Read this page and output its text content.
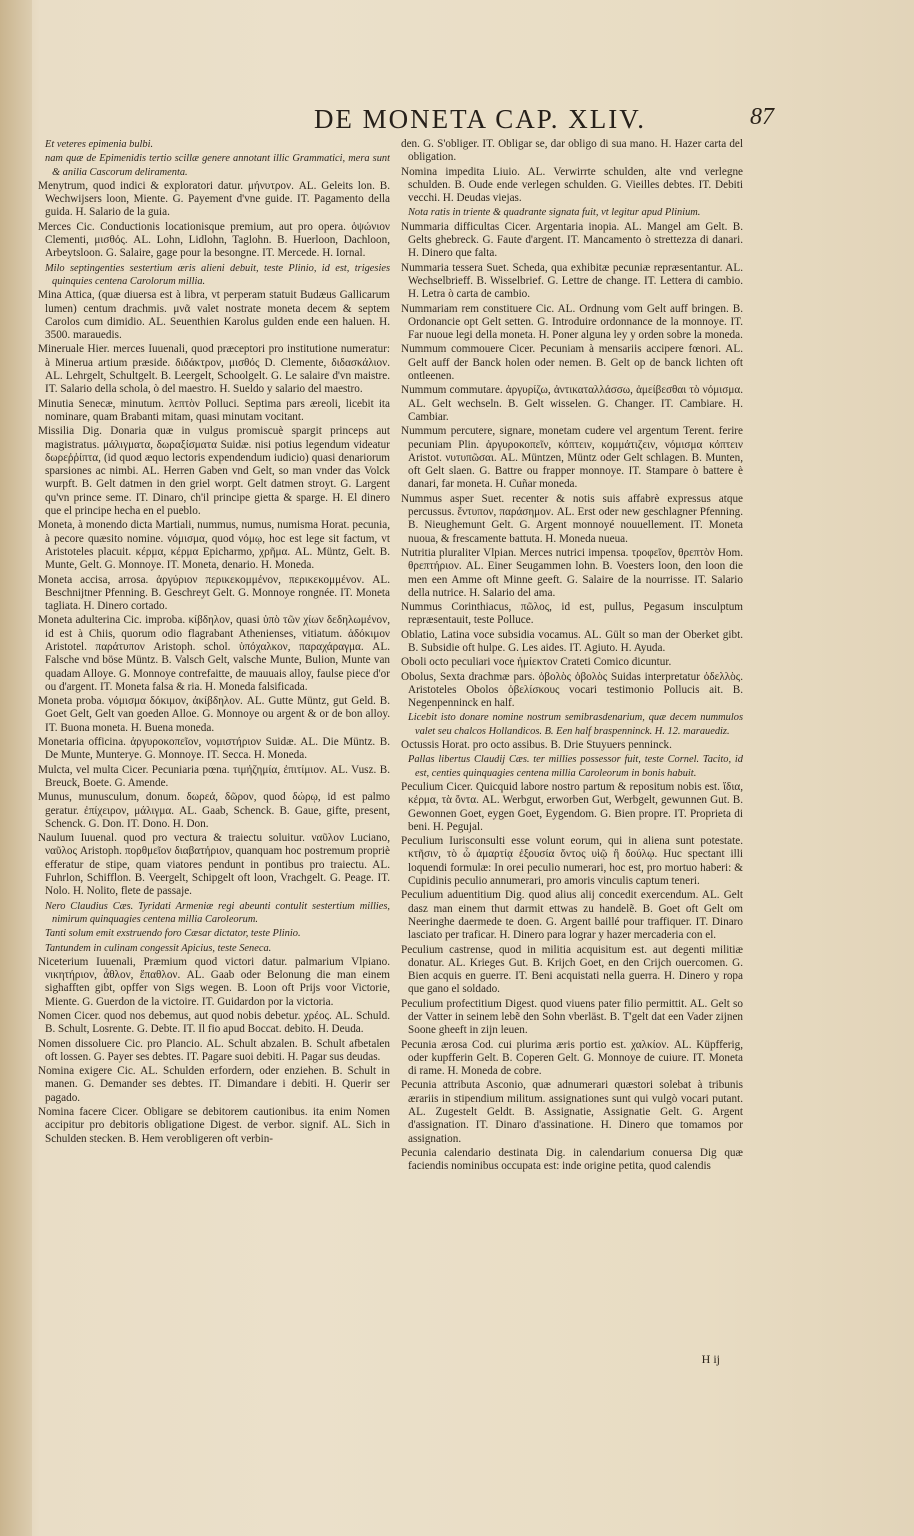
DE MONETA CAP. XLIV.	87

Et veteres epimenia bulbi.

nam quæ de Epimenidis tertio scillæ genere annotant illic Grammatici, mera sunt & anilia Cascorum deliramenta.

Menytrum, quod indici & exploratori datur. μήνυτρον. AL. Geleits lon. B. Wechwijsers loon, Miente. G. Payement d'vne guide. IT. Pagamento della guida. H. Salario de la guia.

Merces Cic. Conductionis locationisque premium, aut pro opera. ὀψώνιον Clementi, μισθός. AL. Lohn, Lidlohn, Taglohn. B. Huerloon, Dachloon, Arbeytsloon. G. Salaire, gage pour la besongne. IT. Mercede. H. Iornal.

Milo septingenties sestertium æris alieni debuit, teste Plinio, id est, trigesies quinquies centena Carolorum millia.

Mina Attica, (quæ diuersa est à libra, vt perperam statuit Budæus Gallicarum lumen) centum drachmis. μνᾶ valet nostrate moneta decem & septem Carolos cum dimidio. AL. Seuenthien Karolus gulden ende een haluen. H. 3500. marauedis.

Mineruale Hier. merces Iuuenali, quod præceptori pro institutione numeratur: à Minerua artium præside. διδάκτρον, μισθός D. Clemente, διδασκάλιον. AL. Lehrgelt, Schultgelt. B. Leergelt, Schoolgelt. G. Le salaire d'vn maistre. IT. Salario della schola, ò del maestro. H. Sueldo y salario del maestro.

Minutia Senecæ, minutum. λεπτὸν Polluci. Septima pars æreoli, licebit ita nominare, quam Brabanti mitam, quasi minutam vocitant.

Missilia Dig. Donaria quæ in vulgus promiscuè spargit princeps aut magistratus. μάλιγματα, δωραξίσματα Suidæ. nisi potius legendum videatur δωρεῤῥίπτα, (id quod æquo lectoris expendendum iudicio) quasi denariorum sparsiones ac nimbi. AL. Herren Gaben vnd Gelt, so man vnder das Volck wurpft. B. Gelt datmen in den griel worpt. Gelt datmen stroyt. G. Largent qu'vn prince seme. IT. Dinaro, ch'il principe gietta & sparge. H. El dinero que el principe hecha en el pueblo.

Moneta, à monendo dicta Martiali, nummus, numus, numisma Horat. pecunia, à pecore quæsito nomine. νόμισμα, quod νόμῳ, hoc est lege sit factum, vt Aristoteles placuit. κέρμα, κέρμα Epicharmo, χρῆμα. AL. Müntz, Gelt. B. Munte, Gelt. G. Monnoye. IT. Moneta, denario. H. Moneda.

Moneta accisa, arrosa. ἀργύριον περικεκομμένον, περικεκομμένον. AL. Beschnijtner Pfenning. B. Geschreyt Gelt. G. Monnoye rongnée. IT. Moneta tagliata. H. Dinero cortado.

Moneta adulterina Cic. improba. κίβδηλον, quasi ὑπὸ τῶν χίων δεδηλωμένον, id est à Chiis, quorum odio flagrabant Athenienses, vitiatum. ἀδόκιμον Aristotel. παράτυπον Aristoph. schol. ὑπόχαλκον, παραχάραγμα. AL. Falsche vnd böse Müntz. B. Valsch Gelt, valsche Munte, Bulion, Munte van quadam Alloye. G. Monnoye contrefaitte, de mauuais alloy, faulse piece d'or ou d'argent. IT. Moneta falsa & ria. H. Moneda falsificada.

Moneta proba. νόμισμα δόκιμον, ἀκίβδηλον. AL. Gutte Müntz, gut Geld. B. Goet Gelt, Gelt van goeden Alloe. G. Monnoye ou argent & or de bon alloy. IT. Buona moneta. H. Buena moneda.

Monetaria officina. ἀργυροκοπεῖον, νομιστήριον Suidæ. AL. Die Müntz. B. De Munte, Munterye. G. Monnoye. IT. Secca. H. Moneda.

Mulcta, vel multa Cicer. Pecuniaria pœna. τιμήζημία, ἐπιτίμιον. AL. Vusz. B. Breuck, Boete. G. Amende.

Munus, munusculum, donum. δωρεά, δῶρον, quod δώρῳ, id est palmo geratur. ἐπίχειρον, μάλιγμα. AL. Gaab, Schenck. B. Gaue, gifte, present, Schenck. G. Don. IT. Dono. H. Don.

Naulum Iuuenal. quod pro vectura & traiectu soluitur. ναῦλον Luciano, ναῦλος Aristoph. πορθμεῖον διαβατήριον, quanquam hoc postremum propriè efferatur de stipe, quam viatores pendunt in pontibus pro traiectu. AL. Fuhrlon, Schifflon. B. Veergelt, Schipgelt oft loon, Vrachgelt. G. Peage. IT. Nolo. H. Nolito, flete de passaje.

Nero Claudius Cæs. Tyridati Armeniæ regi abeunti contulit sestertium millies, nimirum quinquagies centena millia Caroleorum.

Tanti solum emit exstruendo foro Cæsar dictator, teste Plinio.

Tantundem in culinam congessit Apicius, teste Seneca.

Niceterium Iuuenali, Præmium quod victori datur. palmarium Vlpiano. νικητήριον, ἆθλον, ἔπαθλον. AL. Gaab oder Belonung die man einem sighafften gibt, opffer von Sigs wegen. B. Loon oft Prijs voor Victorie, Miente. G. Guerdon de la victoire. IT. Guidardon por la victoria.

Nomen Cicer. quod nos debemus, aut quod nobis debetur. χρέος. AL. Schuld. B. Schult, Losrente. G. Debte. IT. Il fio apud Boccat. debito. H. Deuda.

Nomen dissoluere Cic. pro Plancio. AL. Schult abzalen. B. Schult afbetalen oft lossen. G. Payer ses debtes. IT. Pagare suoi debiti. H. Pagar sus deudas.

Nomina exigere Cic. AL. Schulden erfordern, oder enziehen. B. Schult in manen. G. Demander ses debtes. IT. Dimandare i debiti. H. Querir ser pagado.

Nomina facere Cicer. Obligare se debitorem cautionibus. ita enim Nomen accipitur pro debitoris obligatione Digest. de verbor. signif. AL. Sich in Schulden stecken. B. Hem verobligeren oft verbin-

den. G. S'obliger. IT. Obligar se, dar obligo di sua mano. H. Hazer carta del obligation.

Nomina impedita Liuio. AL. Verwirrte schulden, alte vnd verlegne schulden. B. Oude ende verlegen schulden. G. Vieilles debtes. IT. Debiti vecchi. H. Deudas viejas.

Nota ratis in triente & quadrante signata fuit, vt legitur apud Plinium.

Nummaria difficultas Cicer. Argentaria inopia. AL. Mangel am Gelt. B. Gelts ghebreck. G. Faute d'argent. IT. Mancamento ò strettezza di danari. H. Dinero que falta.

Nummaria tessera Suet. Scheda, qua exhibitæ pecuniæ repræsentantur. AL. Wechselbrieff. B. Wisselbrief. G. Lettre de change. IT. Lettera di cambio. H. Letra ò carta de cambio.

Nummariam rem constituere Cic. AL. Ordnung vom Gelt auff bringen. B. Ordonancie opt Gelt setten. G. Introduire ordonnance de la monnoye. IT. Far nuoue legi della moneta. H. Poner alguna ley y orden sobre la moneda.

Nummum commouere Cicer. Pecuniam à mensariis accipere fœnori. AL. Gelt auff der Banck holen oder nemen. B. Gelt op de banck lichten oft ontleenen.

Nummum commutare. ἀργυρίζω, ἀντικαταλλάσσω, ἀμείβεσθαι τὸ νόμισμα. AL. Gelt wechseln. B. Gelt wisselen. G. Changer. IT. Cambiare. H. Cambiar.

Nummum percutere, signare, monetam cudere vel argentum Terent. ferire pecuniam Plin. ἀργυροκοπεῖν, κόπτειν, κομμάτιζειν, νόμισμα κόπτειν Aristot. νυτυπῶσαι. AL. Müntzen, Müntz oder Gelt schlagen. B. Munten, oft Gelt slaen. G. Battre ou frapper monnoye. IT. Stampare ò battere è danari, far moneta. H. Cuñar moneda.

Nummus asper Suet. recenter & notis suis affabrè expressus atque percussus. ἔντυπον, παράσημον. AL. Erst oder new geschlagner Pfenning. B. Nieughemunt Gelt. G. Argent monnoyé nouuellement. IT. Moneta nuoua, & frescamente battuta. H. Moneda nueua.

Nutritia pluraliter Vlpian. Merces nutrici impensa. τροφεῖον, θρεπτὸν Hom. θρεπτήριον. AL. Einer Seugammen lohn. B. Voesters loon, den loon die men een Amme oft Minne geeft. G. Salaire de la nourrisse. IT. Salario della nutrice. H. Salario del ama.

Nummus Corinthiacus, πῶλος, id est, pullus, Pegasum insculptum repræsentauit, teste Polluce.

Oblatio, Latina voce subsidia vocamus. AL. Gült so man der Oberket gibt. B. Subsidie oft hulpe. G. Les aides. IT. Agiuto. H. Ayuda.

Oboli octo peculiari voce ἡμίεκτον Crateti Comico dicuntur.

Obolus, Sexta drachmæ pars. ὀβολὸς ὀβολὸς Suidas interpretatur ὀδελλὸς. Aristoteles Obolos ὀβελίσκους vocari testimonio Pollucis ait. B. Negenpenninck en half.

Licebit isto donare nomine nostrum semibrasdenarium, quæ decem nummulos valet seu chalcos Hollandicos. B. Een half braspenninck. H. 12. marauediz.

Octussis Horat. pro octo assibus. B. Drie Stuyuers penninck.

Pallas libertus Claudij Cæs. ter millies possessor fuit, teste Cornel. Tacito, id est, centies quinquagies centena millia Caroleorum in bonis habuit.

Peculium Cicer. Quicquid labore nostro partum & repositum nobis est. ἴδια, κέρμα, τὰ ὄντα. AL. Werbgut, erworben Gut, Werbgelt, gewunnen Gut. B. Gewonnen Goet, eygen Goet, Eygendom. G. Bien propre. IT. Proprieta di beni. H. Pegujal.

Peculium Iurisconsulti esse volunt eorum, qui in aliena sunt potestate. κτῆσιν, τὸ ὧ ἀμαρτίᾳ ἐξουσία ὄντος υἱῷ ἢ δούλῳ. Huc spectant illi loquendi formulæ: In orei peculio numerari, hoc est, pro mortuo haberi: & Cupidinis peculio annumerari, pro amoris vinculis captum teneri.

Peculium aduentitium Dig. quod alius alij concedit exercendum. AL. Gelt dasz man einem thut darmit ettwas zu handelẽ. B. Goet oft Gelt om Neeringhe daermede te doen. G. Argent baillé pour traffiquer. IT. Dinaro lasciato per traficar. H. Dinero para lograr y hazer mercaderia con el.

Peculium castrense, quod in militia acquisitum est. aut degenti militiæ donatur. AL. Krieges Gut. B. Krijch Goet, en den Crijch ouercomen. G. Bien acquis en guerre. IT. Beni acquistati nella guerra. H. Dinero y ropa que gano el soldado.

Peculium profectitium Digest. quod viuens pater filio permittit. AL. Gelt so der Vatter in seinem lebẽ den Sohn vberläst. B. T'gelt dat een Vader zijnen Soone gheeft in zijn leuen.

Pecunia ærosa Cod. cui plurima æris portio est. χαλκίον. AL. Küpfferig, oder kupfferin Gelt. B. Coperen Gelt. G. Monnoye de cuiure. IT. Moneta di rame. H. Moneda de cobre.

Pecunia attributa Asconio, quæ adnumerari quæstori solebat à tribunis ærariis in stipendium militum. assignationes sunt qui vulgò vocari putant. AL. Zugestelt Geldt. B. Assignatie, Assignatie Gelt. G. Argent d'assignation. IT. Dinaro d'assinatione. H. Dinero que tomamos por assignation.

Pecunia calendario destinata Dig. in calendarium conuersa Dig quæ faciendis nominibus occupata est: inde origine petita, quod calendis

H ij
